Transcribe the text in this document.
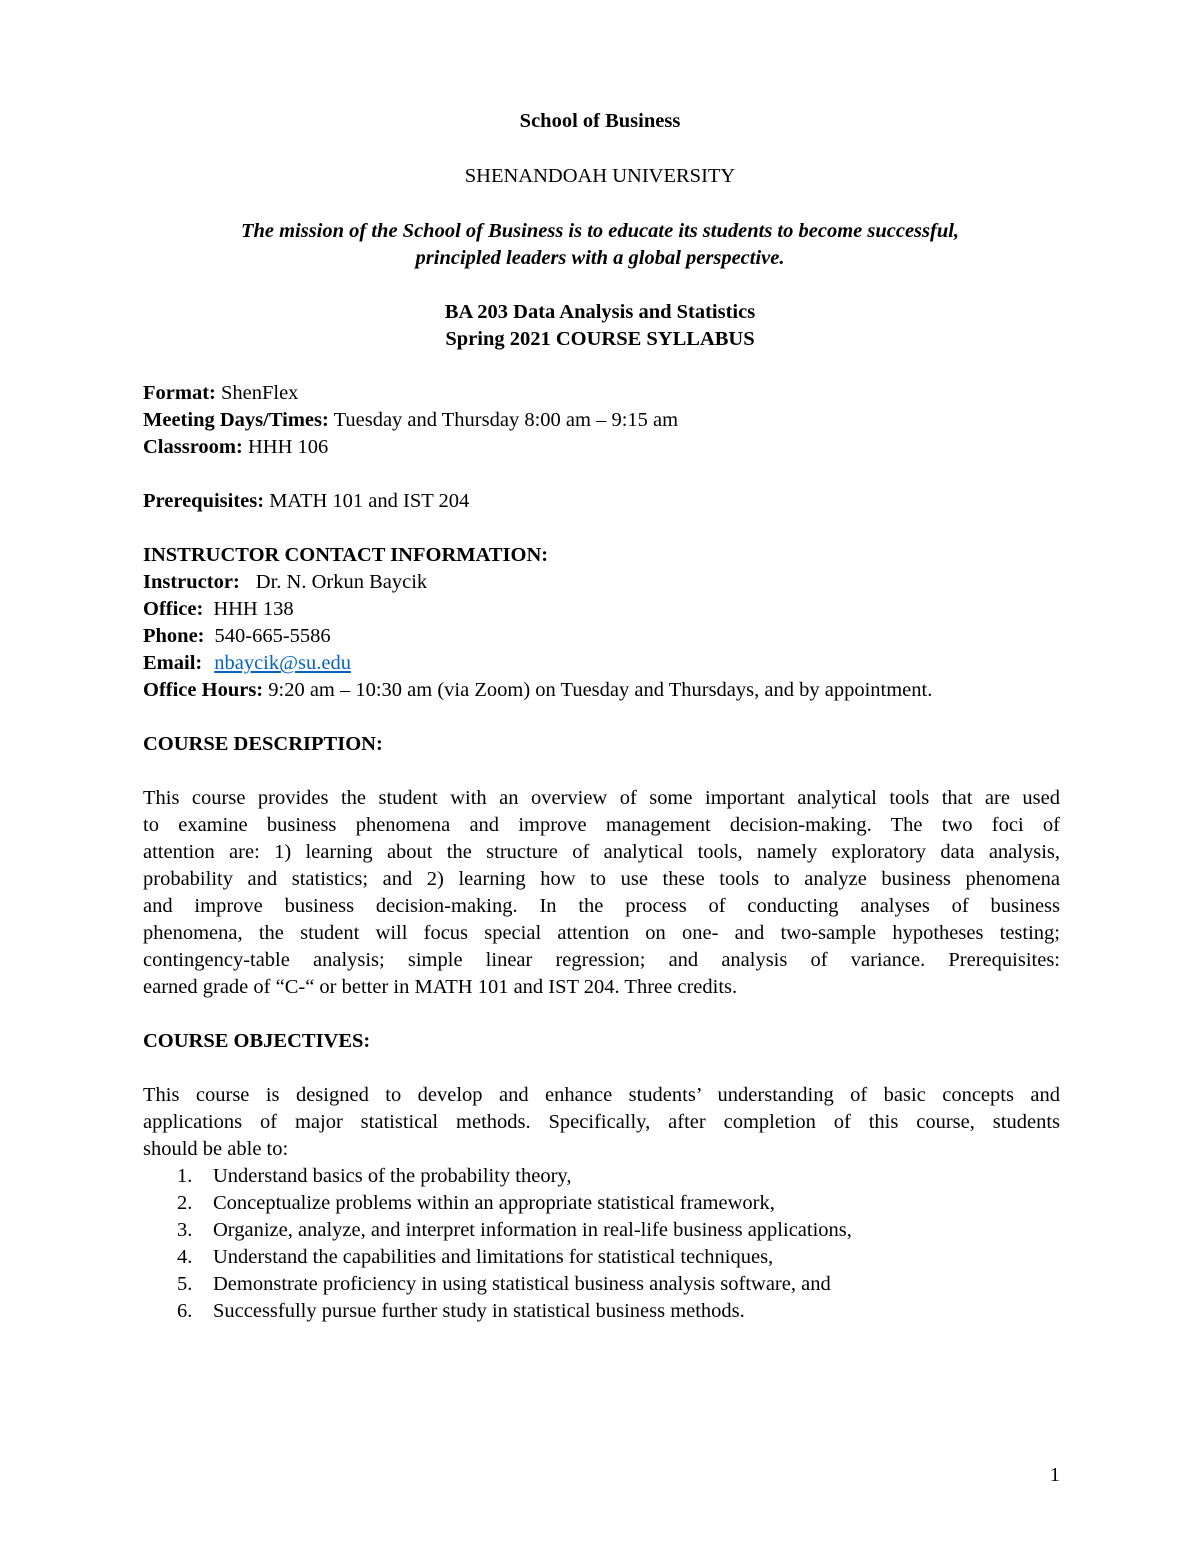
School of Business
SHENANDOAH UNIVERSITY
The mission of the School of Business is to educate its students to become successful,
principled leaders with a global perspective.
BA 203 Data Analysis and Statistics
Spring 2021 COURSE SYLLABUS
Format: ShenFlex
Meeting Days/Times: Tuesday and Thursday 8:00 am – 9:15 am
Classroom: HHH 106
Prerequisites: MATH 101 and IST 204
INSTRUCTOR CONTACT INFORMATION:
Instructor: Dr. N. Orkun Baycik
Office: HHH 138
Phone: 540-665-5586
Email: nbaycik@su.edu
Office Hours: 9:20 am – 10:30 am (via Zoom) on Tuesday and Thursdays, and by appointment.
COURSE DESCRIPTION:
This course provides the student with an overview of some important analytical tools that are used
to examine business phenomena and improve management decision-making. The two foci of
attention are: 1) learning about the structure of analytical tools, namely exploratory data analysis,
probability and statistics; and 2) learning how to use these tools to analyze business phenomena
and improve business decision-making. In the process of conducting analyses of business
phenomena, the student will focus special attention on one- and two-sample hypotheses testing;
contingency-table analysis; simple linear regression; and analysis of variance. Prerequisites:
earned grade of “C-“ or better in MATH 101 and IST 204. Three credits.
COURSE OBJECTIVES:
This course is designed to develop and enhance students’ understanding of basic concepts and
applications of major statistical methods. Specifically, after completion of this course, students
should be able to:
1. Understand basics of the probability theory,
2. Conceptualize problems within an appropriate statistical framework,
3. Organize, analyze, and interpret information in real-life business applications,
4. Understand the capabilities and limitations for statistical techniques,
5. Demonstrate proficiency in using statistical business analysis software, and
6. Successfully pursue further study in statistical business methods.
1
